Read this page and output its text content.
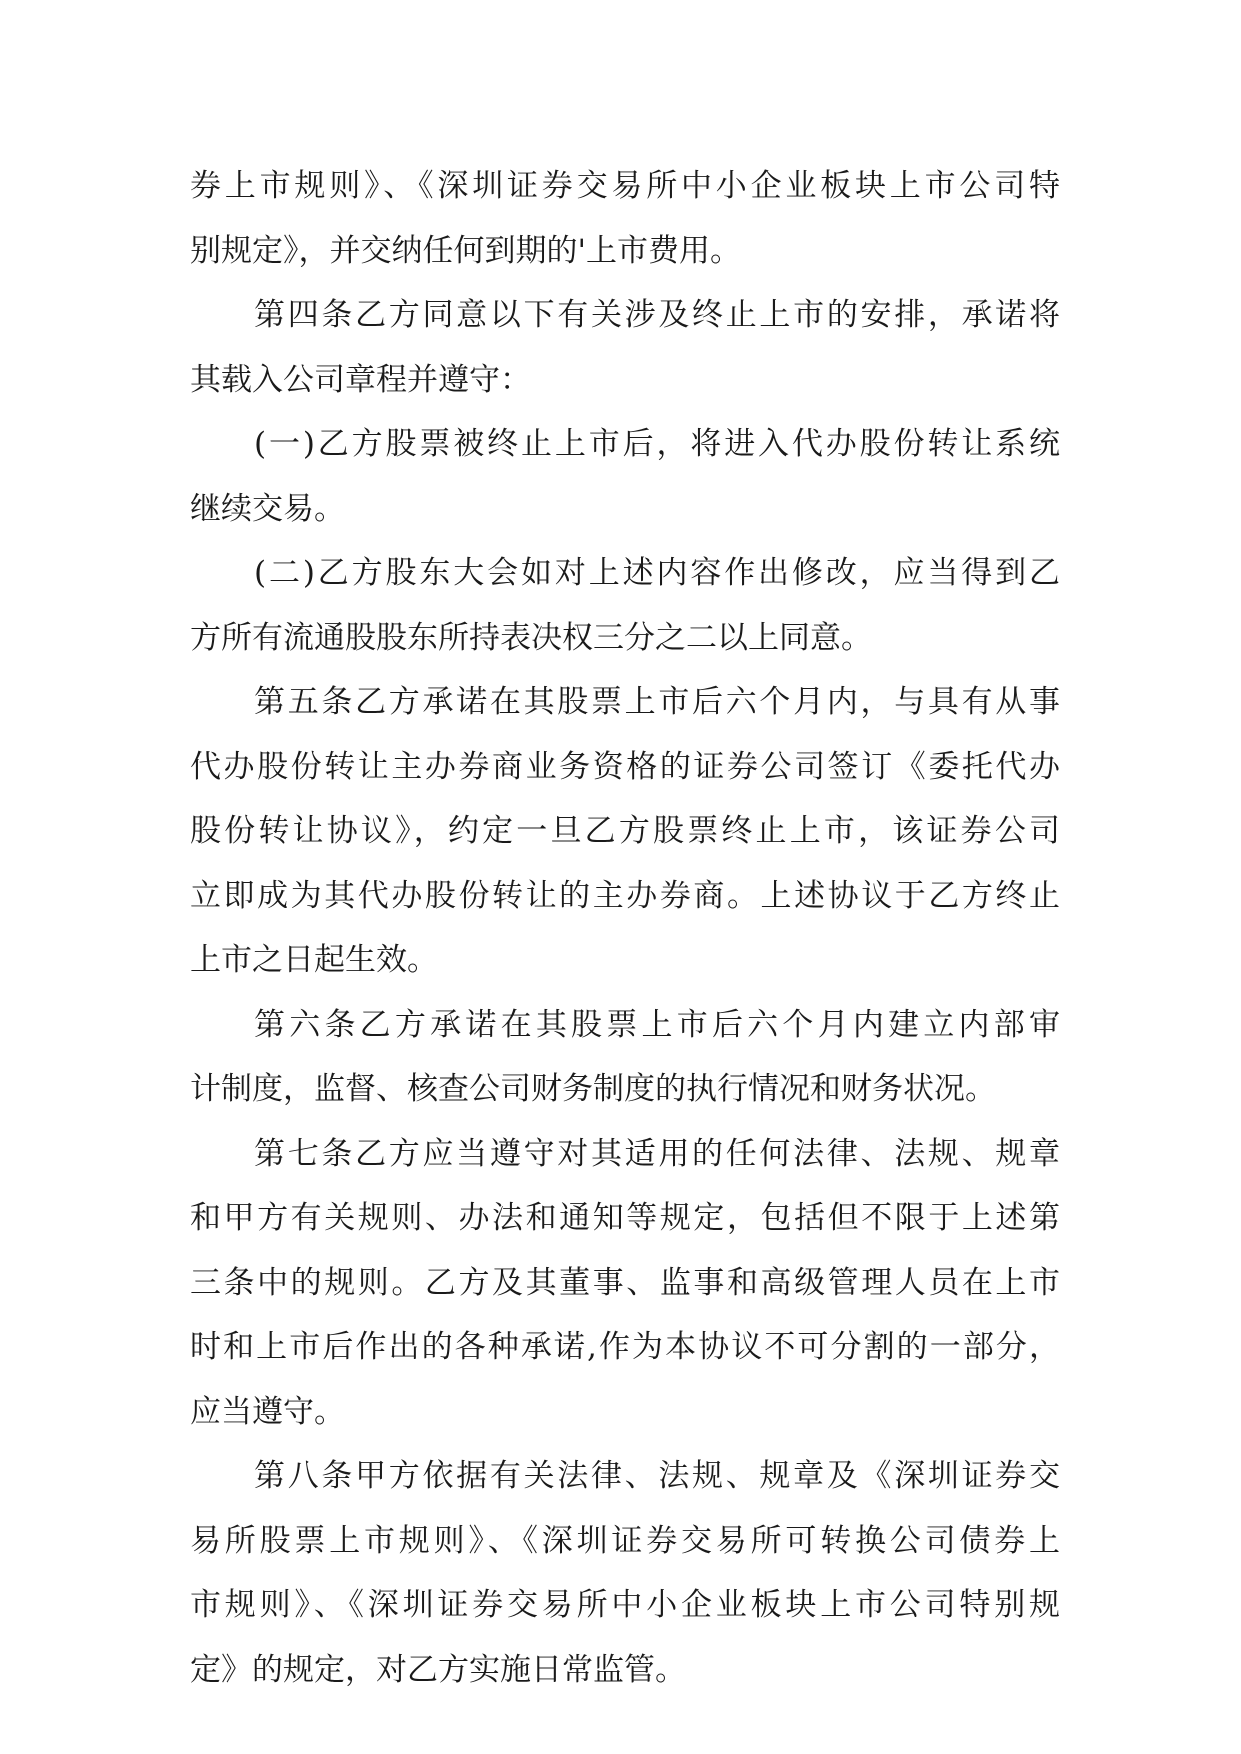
券上市规则》、《深圳证券交易所中小企业板块上市公司特
别规定》，并交纳任何到期的'上市费用。
第四条乙方同意以下有关涉及终止上市的安排，承诺将
其载入公司章程并遵守：
(一)乙方股票被终止上市后，将进入代办股份转让系统
继续交易。
(二)乙方股东大会如对上述内容作出修改，应当得到乙
方所有流通股股东所持表决权三分之二以上同意。
第五条乙方承诺在其股票上市后六个月内，与具有从事
代办股份转让主办券商业务资格的证券公司签订《委托代办
股份转让协议》，约定一旦乙方股票终止上市，该证券公司
立即成为其代办股份转让的主办券商。上述协议于乙方终止
上市之日起生效。
第六条乙方承诺在其股票上市后六个月内建立内部审
计制度，监督、核查公司财务制度的执行情况和财务状况。
第七条乙方应当遵守对其适用的任何法律、法规、规章
和甲方有关规则、办法和通知等规定，包括但不限于上述第
三条中的规则。乙方及其董事、监事和高级管理人员在上市
时和上市后作出的各种承诺,作为本协议不可分割的一部分，
应当遵守。
第八条甲方依据有关法律、法规、规章及《深圳证券交
易所股票上市规则》、《深圳证券交易所可转换公司债券上
市规则》、《深圳证券交易所中小企业板块上市公司特别规
定》的规定，对乙方实施日常监管。
